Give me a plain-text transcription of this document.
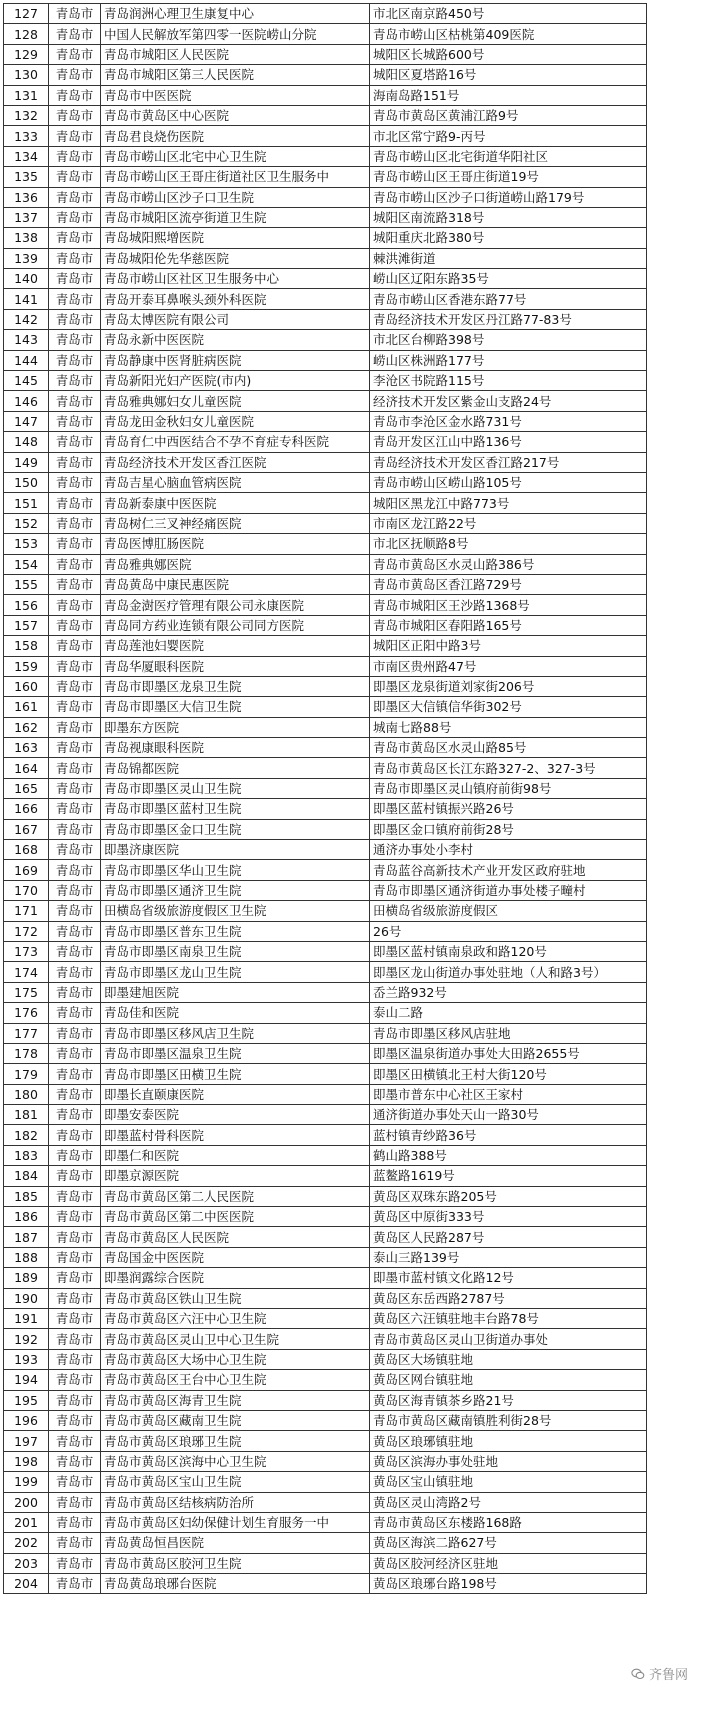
127	青岛市	青岛润洲心理卫生康复中心	市北区南京路450号
128	青岛市	中国人民解放军第四零一医院崂山分院	青岛市崂山区枯桃第409医院
129	青岛市	青岛市城阳区人民医院	城阳区长城路600号
130	青岛市	青岛市城阳区第三人民医院	城阳区夏塔路16号
131	青岛市	青岛市中医医院	海南岛路151号
132	青岛市	青岛市黄岛区中心医院	青岛市黄岛区黄浦江路9号
133	青岛市	青岛君良烧伤医院	市北区常宁路9-丙号
134	青岛市	青岛市崂山区北宅中心卫生院	青岛市崂山区北宅街道华阳社区
135	青岛市	青岛市崂山区王哥庄街道社区卫生服务中	青岛市崂山区王哥庄街道19号
136	青岛市	青岛市崂山区沙子口卫生院	青岛市崂山区沙子口街道崂山路179号
137	青岛市	青岛市城阳区流亭街道卫生院	城阳区南流路318号
138	青岛市	青岛城阳熙增医院	城阳重庆北路380号
139	青岛市	青岛城阳伦先华慈医院	棘洪滩街道
140	青岛市	青岛市崂山区社区卫生服务中心	崂山区辽阳东路35号
141	青岛市	青岛开泰耳鼻喉头颈外科医院	青岛市崂山区香港东路77号
142	青岛市	青岛太博医院有限公司	青岛经济技术开发区丹江路77-83号
143	青岛市	青岛永新中医医院	市北区台柳路398号
144	青岛市	青岛静康中医肾脏病医院	崂山区株洲路177号
145	青岛市	青岛新阳光妇产医院(市内)	李沧区书院路115号
146	青岛市	青岛雅典娜妇女儿童医院	经济技术开发区紫金山支路24号
147	青岛市	青岛龙田金秋妇女儿童医院	青岛市李沧区金水路731号
148	青岛市	青岛育仁中西医结合不孕不育症专科医院	青岛开发区江山中路136号
149	青岛市	青岛经济技术开发区香江医院	青岛经济技术开发区香江路217号
150	青岛市	青岛吉星心脑血管病医院	青岛市崂山区崂山路105号
151	青岛市	青岛新泰康中医医院	城阳区黑龙江中路773号
152	青岛市	青岛树仁三叉神经痛医院	市南区龙江路22号
153	青岛市	青岛医博肛肠医院	市北区抚顺路8号
154	青岛市	青岛雅典娜医院	青岛市黄岛区水灵山路386号
155	青岛市	青岛黄岛中康民惠医院	青岛市黄岛区香江路729号
156	青岛市	青岛金澍医疗管理有限公司永康医院	青岛市城阳区王沙路1368号
157	青岛市	青岛同方药业连锁有限公司同方医院	青岛市城阳区春阳路165号
158	青岛市	青岛莲池妇婴医院	城阳区正阳中路3号
159	青岛市	青岛华厦眼科医院	市南区贵州路47号
160	青岛市	青岛市即墨区龙泉卫生院	即墨区龙泉街道刘家街206号
161	青岛市	青岛市即墨区大信卫生院	即墨区大信镇信华街302号
162	青岛市	即墨东方医院	城南七路88号
163	青岛市	青岛视康眼科医院	青岛市黄岛区水灵山路85号
164	青岛市	青岛锦都医院	青岛市黄岛区长江东路327-2、327-3号
165	青岛市	青岛市即墨区灵山卫生院	青岛市即墨区灵山镇府前街98号
166	青岛市	青岛市即墨区蓝村卫生院	即墨区蓝村镇振兴路26号
167	青岛市	青岛市即墨区金口卫生院	即墨区金口镇府前街28号
168	青岛市	即墨济康医院	通济办事处小李村
169	青岛市	青岛市即墨区华山卫生院	青岛蓝谷高新技术产业开发区政府驻地
170	青岛市	青岛市即墨区通济卫生院	青岛市即墨区通济街道办事处楼子疃村
171	青岛市	田横岛省级旅游度假区卫生院	田横岛省级旅游度假区
172	青岛市	青岛市即墨区普东卫生院	26号
173	青岛市	青岛市即墨区南泉卫生院	即墨区蓝村镇南泉政和路120号
174	青岛市	青岛市即墨区龙山卫生院	即墨区龙山街道办事处驻地（人和路3号）
175	青岛市	即墨建旭医院	岙兰路932号
176	青岛市	青岛佳和医院	泰山二路
177	青岛市	青岛市即墨区移风店卫生院	青岛市即墨区移风店驻地
178	青岛市	青岛市即墨区温泉卫生院	即墨区温泉街道办事处大田路2655号
179	青岛市	青岛市即墨区田横卫生院	即墨区田横镇北王村大街120号
180	青岛市	即墨长直颐康医院	即墨市普东中心社区王家村
181	青岛市	即墨安泰医院	通济街道办事处天山一路30号
182	青岛市	即墨蓝村骨科医院	蓝村镇青纱路36号
183	青岛市	即墨仁和医院	鹤山路388号
184	青岛市	即墨京源医院	蓝鳌路1619号
185	青岛市	青岛市黄岛区第二人民医院	黄岛区双珠东路205号
186	青岛市	青岛市黄岛区第二中医医院	黄岛区中原街333号
187	青岛市	青岛市黄岛区人民医院	黄岛区人民路287号
188	青岛市	青岛国金中医医院	泰山三路139号
189	青岛市	即墨润露综合医院	即墨市蓝村镇文化路12号
190	青岛市	青岛市黄岛区铁山卫生院	黄岛区东岳西路2787号
191	青岛市	青岛市黄岛区六汪中心卫生院	黄岛区六汪镇驻地丰台路78号
192	青岛市	青岛市黄岛区灵山卫中心卫生院	青岛市黄岛区灵山卫街道办事处
193	青岛市	青岛市黄岛区大场中心卫生院	黄岛区大场镇驻地
194	青岛市	青岛市黄岛区王台中心卫生院	黄岛区网台镇驻地
195	青岛市	青岛市黄岛区海青卫生院	黄岛区海青镇茶乡路21号
196	青岛市	青岛市黄岛区藏南卫生院	青岛市黄岛区藏南镇胜利街28号
197	青岛市	青岛市黄岛区琅琊卫生院	黄岛区琅琊镇驻地
198	青岛市	青岛市黄岛区滨海中心卫生院	黄岛区滨海办事处驻地
199	青岛市	青岛市黄岛区宝山卫生院	黄岛区宝山镇驻地
200	青岛市	青岛市黄岛区结核病防治所	黄岛区灵山湾路2号
201	青岛市	青岛市黄岛区妇幼保健计划生育服务一中	青岛市黄岛区东楼路168路
202	青岛市	青岛黄岛恒昌医院	黄岛区海滨二路627号
203	青岛市	青岛市黄岛区胶河卫生院	黄岛区胶河经济区驻地
204	青岛市	青岛黄岛琅琊台医院	黄岛区琅琊台路198号
齐鲁网
